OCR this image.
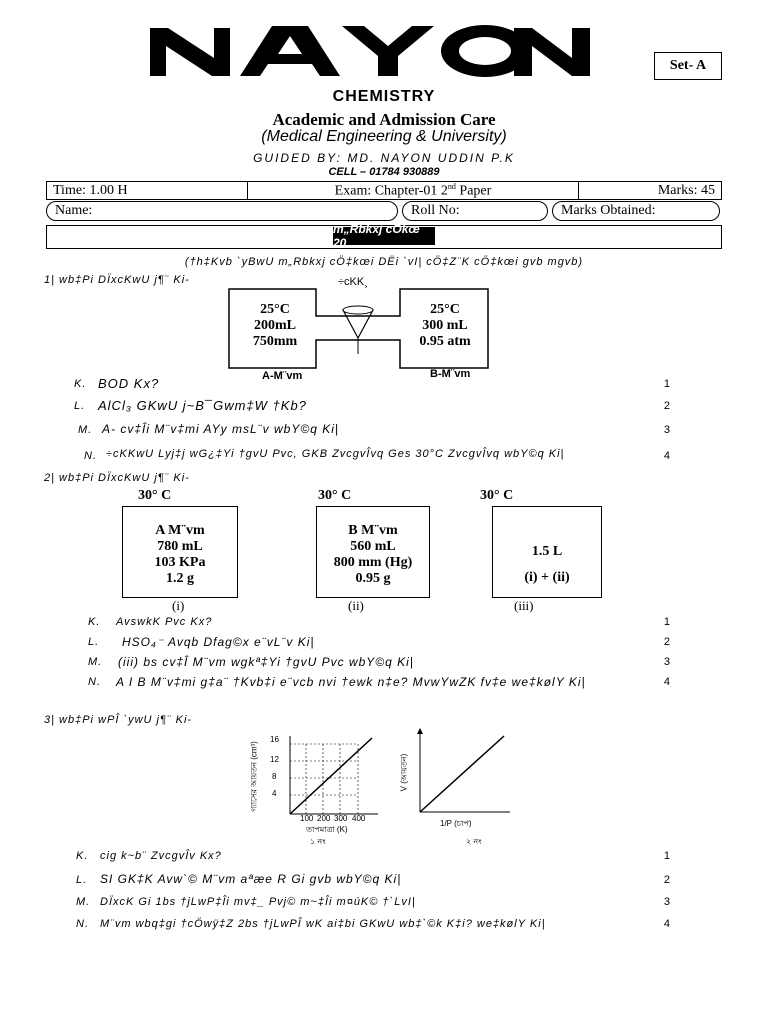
Set- A
CHEMISTRY
Academic and Admission Care
(Medical Engineering & University)
GUIDED BY: MD. NAYON UDDIN P.K
CELL – 01784 930889
Time: 1.00 H	Exam: Chapter-01 2nd Paper	Marks: 45
Name:	Roll No:	Marks Obtained:
m„Rbkxj cÖkœ 20
(†h‡Kvb `yBwU m„Rbkxj cÖ‡kœi DËi `vI| cÖ‡Z¨K cÖ‡kœi gvb mgvb)
1| wb‡Pi DÏxcKwU j¶¨ Ki-	÷cKK¸
25°C
200mL
750mm
25°C
300 mL
0.95 atm
A-M¨vm	B-M¨vm
K. BOD Kx?	1
L. AlCl₃ GKwU j~B¯Gwm‡W †Kb?	2
M. A- cv‡Îi M¨v‡mi AYy msL¨v wbY©q Ki|	3
N. ÷cKKwU Lyj‡j wG¿‡Yi †gvU Pvc, GKB ZvcgvÎvq Ges 30°C ZvcgvÎvq wbY©q Ki|	4
2| wb‡Pi DÏxcKwU j¶¨ Ki-
30° C	30° C	30° C
A M¨vm
780 mL
103 KPa
1.2 g
B M¨vm
560 mL
800 mm (Hg)
0.95 g
1.5 L
(i) + (ii)
(i)	(ii)	(iii)
K. AvswkK Pvc Kx?	1
L. HSO₄⁻ Avqb Dfag©x e¨vL¨v Ki|	2
M. (iii) bs cv‡Î M¨vm wgkª‡Yi †gvU Pvc wbY©q Ki|	3
N. A I B M¨v‡mi g‡a¨ †Kvb‡i e¨vcb nvi †ewk n‡e? MvwYwZK fv‡e we‡kølY Ki|	4
3| wb‡Pi wPÎ `ywU j¶¨ Ki-
16
12
8
4
100 200 300 400
তাপমাত্রা (K)
গ্যাসের আয়তন (cm³)
১ নং
V (আয়তন)
1/P (চাপ)
২ নং
K. cig k~b¨ ZvcgvÎv Kx?	1
L. SI GK‡K Avw`© M¨vm aªæe R Gi gvb wbY©q Ki|	2
M. DÏxcK Gi 1bs †jLwP‡Îi mv‡_ Pvj© m~‡Îi m¤úK© †`LvI|	3
N. M¨vm wbq‡gi †cÖwÿ‡Z 2bs †jLwPÎ wK ai‡bi GKwU wb‡`©k K‡i? we‡kølY Ki|	4
